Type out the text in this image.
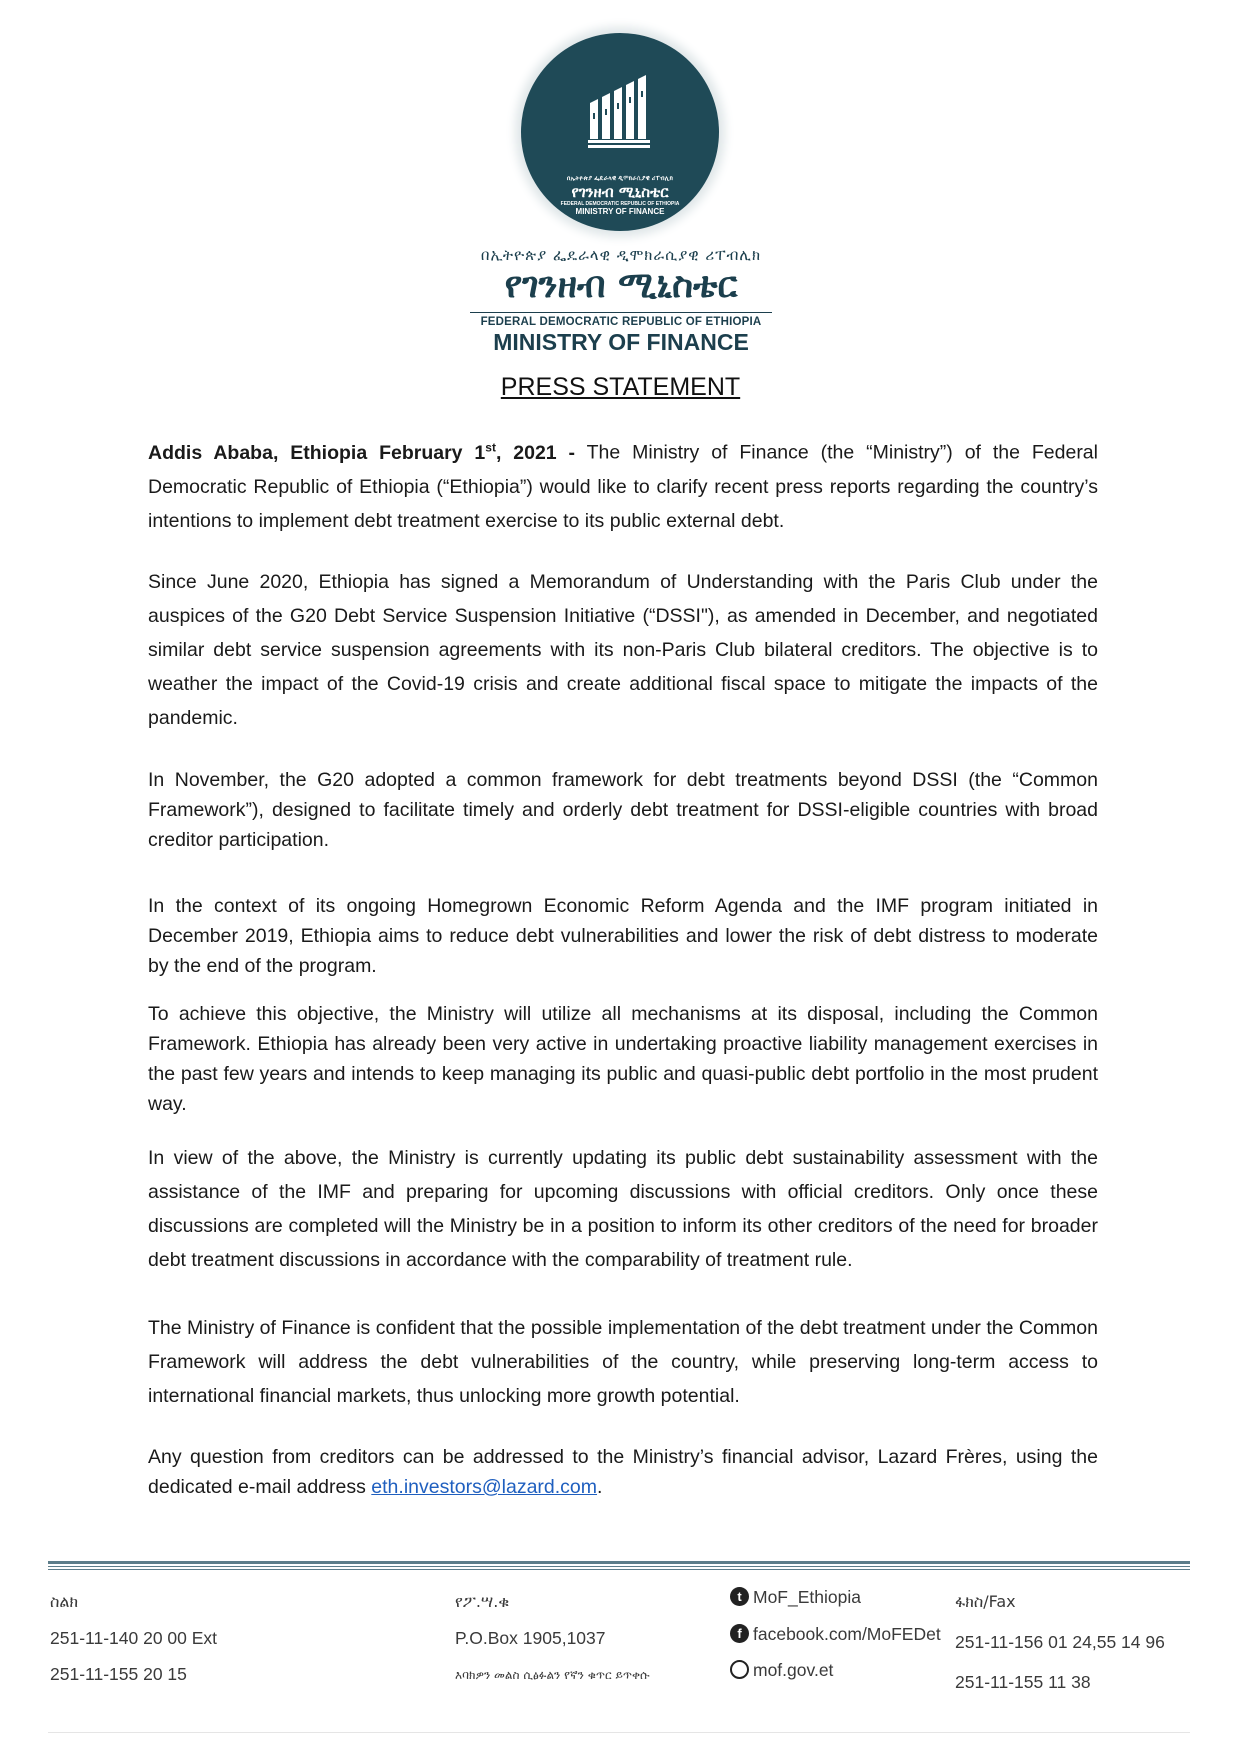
በኢትዮጵያ ፌዴራላዊ ዲሞክራሲያዊ ሪፐብሊክ
የገንዘብ ሚኒስቴር
FEDERAL DEMOCRATIC REPUBLIC OF ETHIOPIA
MINISTRY OF FINANCE
በኢትዮጵያ ፌዴራላዊ ዲሞክራሲያዊ ሪፐብሊክ
የገንዘብ ሚኒስቴር
FEDERAL DEMOCRATIC REPUBLIC OF ETHIOPIA
MINISTRY OF FINANCE
PRESS STATEMENT
Addis Ababa, Ethiopia February 1st, 2021 - The Ministry of Finance (the “Ministry”) of the Federal Democratic Republic of Ethiopia (“Ethiopia”) would like to clarify recent press reports regarding the country’s intentions to implement debt treatment exercise to its public external debt.
Since June 2020, Ethiopia has signed a Memorandum of Understanding with the Paris Club under the auspices of the G20 Debt Service Suspension Initiative (“DSSI"), as amended in December, and negotiated similar debt service suspension agreements with its non-Paris Club bilateral creditors. The objective is to weather the impact of the Covid-19 crisis and create additional fiscal space to mitigate the impacts of the pandemic.
In November, the G20 adopted a common framework for debt treatments beyond DSSI (the “Common Framework”), designed to facilitate timely and orderly debt treatment for DSSI-eligible countries with broad creditor participation.
In the context of its ongoing Homegrown Economic Reform Agenda and the IMF program initiated in December 2019, Ethiopia aims to reduce debt vulnerabilities and lower the risk of debt distress to moderate by the end of the program.
To achieve this objective, the Ministry will utilize all mechanisms at its disposal, including the Common Framework. Ethiopia has already been very active in undertaking proactive liability management exercises in the past few years and intends to keep managing its public and quasi-public debt portfolio in the most prudent way.
In view of the above, the Ministry is currently updating its public debt sustainability assessment with the assistance of the IMF and preparing for upcoming discussions with official creditors. Only once these discussions are completed will the Ministry be in a position to inform its other creditors of the need for broader debt treatment discussions in accordance with the comparability of treatment rule.
The Ministry of Finance is confident that the possible implementation of the debt treatment under the Common Framework will address the debt vulnerabilities of the country, while preserving long-term access to international financial markets, thus unlocking more growth potential.
Any question from creditors can be addressed to the Ministry’s financial advisor, Lazard Frères, using the dedicated e-mail address eth.investors@lazard.com.
ስልክ
251-11-140 20 00 Ext
251-11-155 20 15
የፖ.ሣ.ቁ
P.O.Box 1905,1037
እባክዎን መልስ ሲፅፉልን የኛን ቁጥር ይጥቀሱ
t MoF_Ethiopia
f facebook.com/MoFEDet
mof.gov.et
ፋክስ/Fax
251-11-156 01 24,55 14 96
251-11-155 11 38
